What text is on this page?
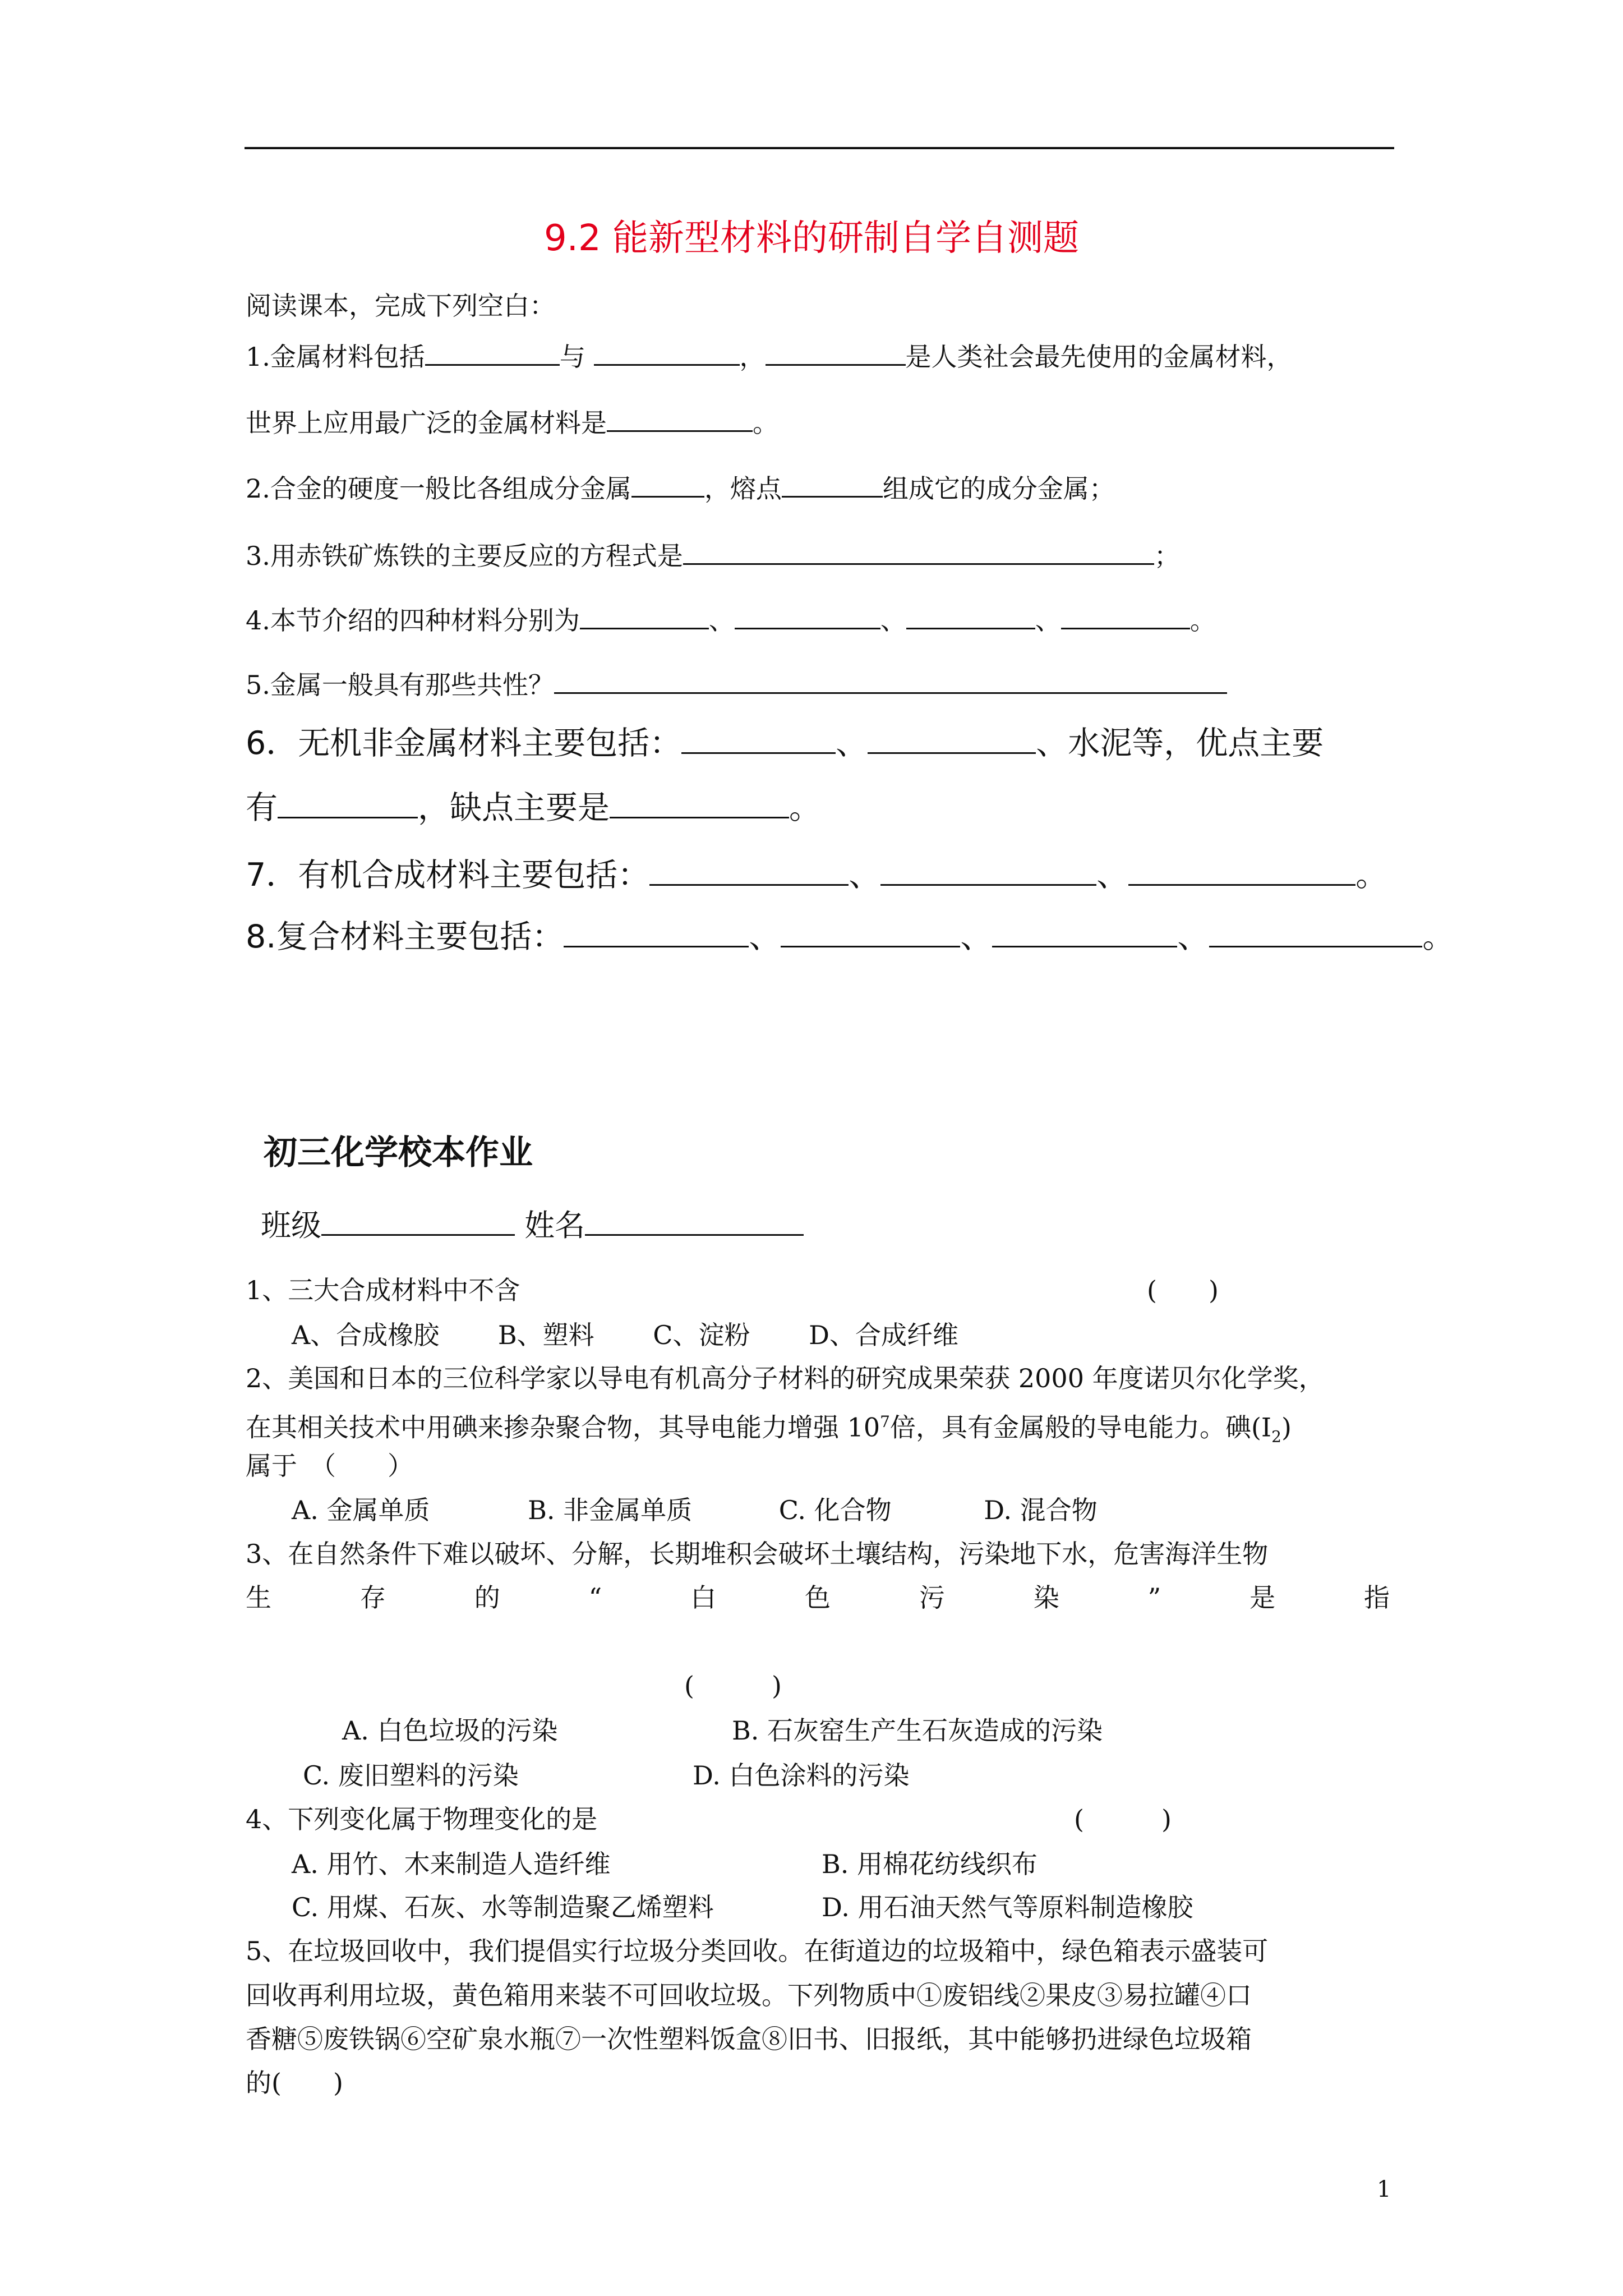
9.2 能新型材料的研制自学自测题
阅读课本，完成下列空白：
1.金属材料包括	与	，	是人类社会最先使用的金属材料，
世界上应用最广泛的金属材料是	。
2.合金的硬度一般比各组成分金属	，熔点	组成它的成分金属；
3.用赤铁矿炼铁的主要反应的方程式是	；
4.本节介绍的四种材料分别为	、	、	、	。
5.金属一般具有那些共性？
6．无机非金属材料主要包括：	、	、水泥等，优点主要
有	，缺点主要是	。
7．有机合成材料主要包括：	、	、	。
8.复合材料主要包括：	、	、	、	。
初三化学校本作业
班级	姓名
1、三大合成材料中不含	(　　)
A、合成橡胶 B、塑料 C、淀粉 D、合成纤维
2、美国和日本的三位科学家以导电有机高分子材料的研究成果荣获 2000 年度诺贝尔化学奖，
在其相关技术中用碘来掺杂聚合物，其导电能力增强 $10^7$倍，具有金属般的导电能力。碘$(I_2)$
属于　（　　）
A. 金属单质	B. 非金属单质	C. 化合物	D. 混合物
3、在自然条件下难以破坏、分解，长期堆积会破坏土壤结构，污染地下水，危害海洋生物
生	存	的	“	白	色	污	染	”	是	指
(　　　)
A. 白色垃圾的污染	B. 石灰窑生产生石灰造成的污染
C. 废旧塑料的污染	D. 白色涂料的污染
4、下列变化属于物理变化的是	(　　　)
A. 用竹、木来制造人造纤维	B. 用棉花纺线织布
C. 用煤、石灰、水等制造聚乙烯塑料	D. 用石油天然气等原料制造橡胶
5、在垃圾回收中，我们提倡实行垃圾分类回收。在街道边的垃圾箱中，绿色箱表示盛装可
回收再利用垃圾，黄色箱用来装不可回收垃圾。下列物质中①废铝线②果皮③易拉罐④口
香糖⑤废铁锅⑥空矿泉水瓶⑦一次性塑料饭盒⑧旧书、旧报纸，其中能够扔进绿色垃圾箱
的(　　)
1
